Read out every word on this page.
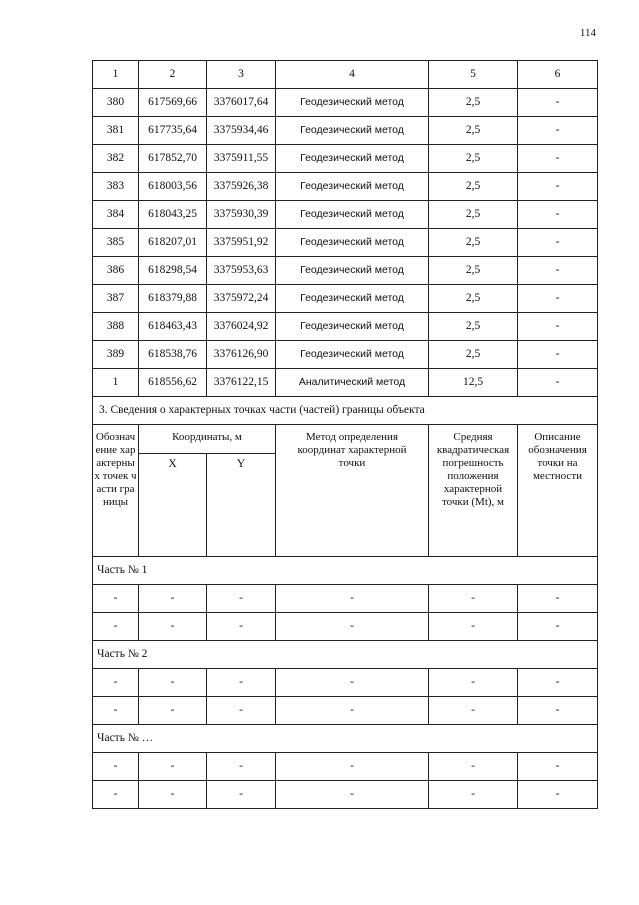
114
1	2	3	4	5	6
380	617569,66	3376017,64	Геодезический метод	2,5	-
381	617735,64	3375934,46	Геодезический метод	2,5	-
382	617852,70	3375911,55	Геодезический метод	2,5	-
383	618003,56	3375926,38	Геодезический метод	2,5	-
384	618043,25	3375930,39	Геодезический метод	2,5	-
385	618207,01	3375951,92	Геодезический метод	2,5	-
386	618298,54	3375953,63	Геодезический метод	2,5	-
387	618379,88	3375972,24	Геодезический метод	2,5	-
388	618463,43	3376024,92	Геодезический метод	2,5	-
389	618538,76	3376126,90	Геодезический метод	2,5	-
1	618556,62	3376122,15	Аналитический метод	12,5	-
3. Сведения о характерных точках части (частей) границы объекта					
Обозначение характерных точек части границы	Координаты, м		Метод определения координат характерной точки	Средняя квадратическая погрешность положения характерной точки (Mt), м	Описание обозначения точки на местности
	X	Y			
Часть № 1					
-	-	-	-	-	-
-	-	-	-	-	-
Часть № 2					
-	-	-	-	-	-
-	-	-	-	-	-
Часть № …					
-	-	-	-	-	-
-	-	-	-	-	-
